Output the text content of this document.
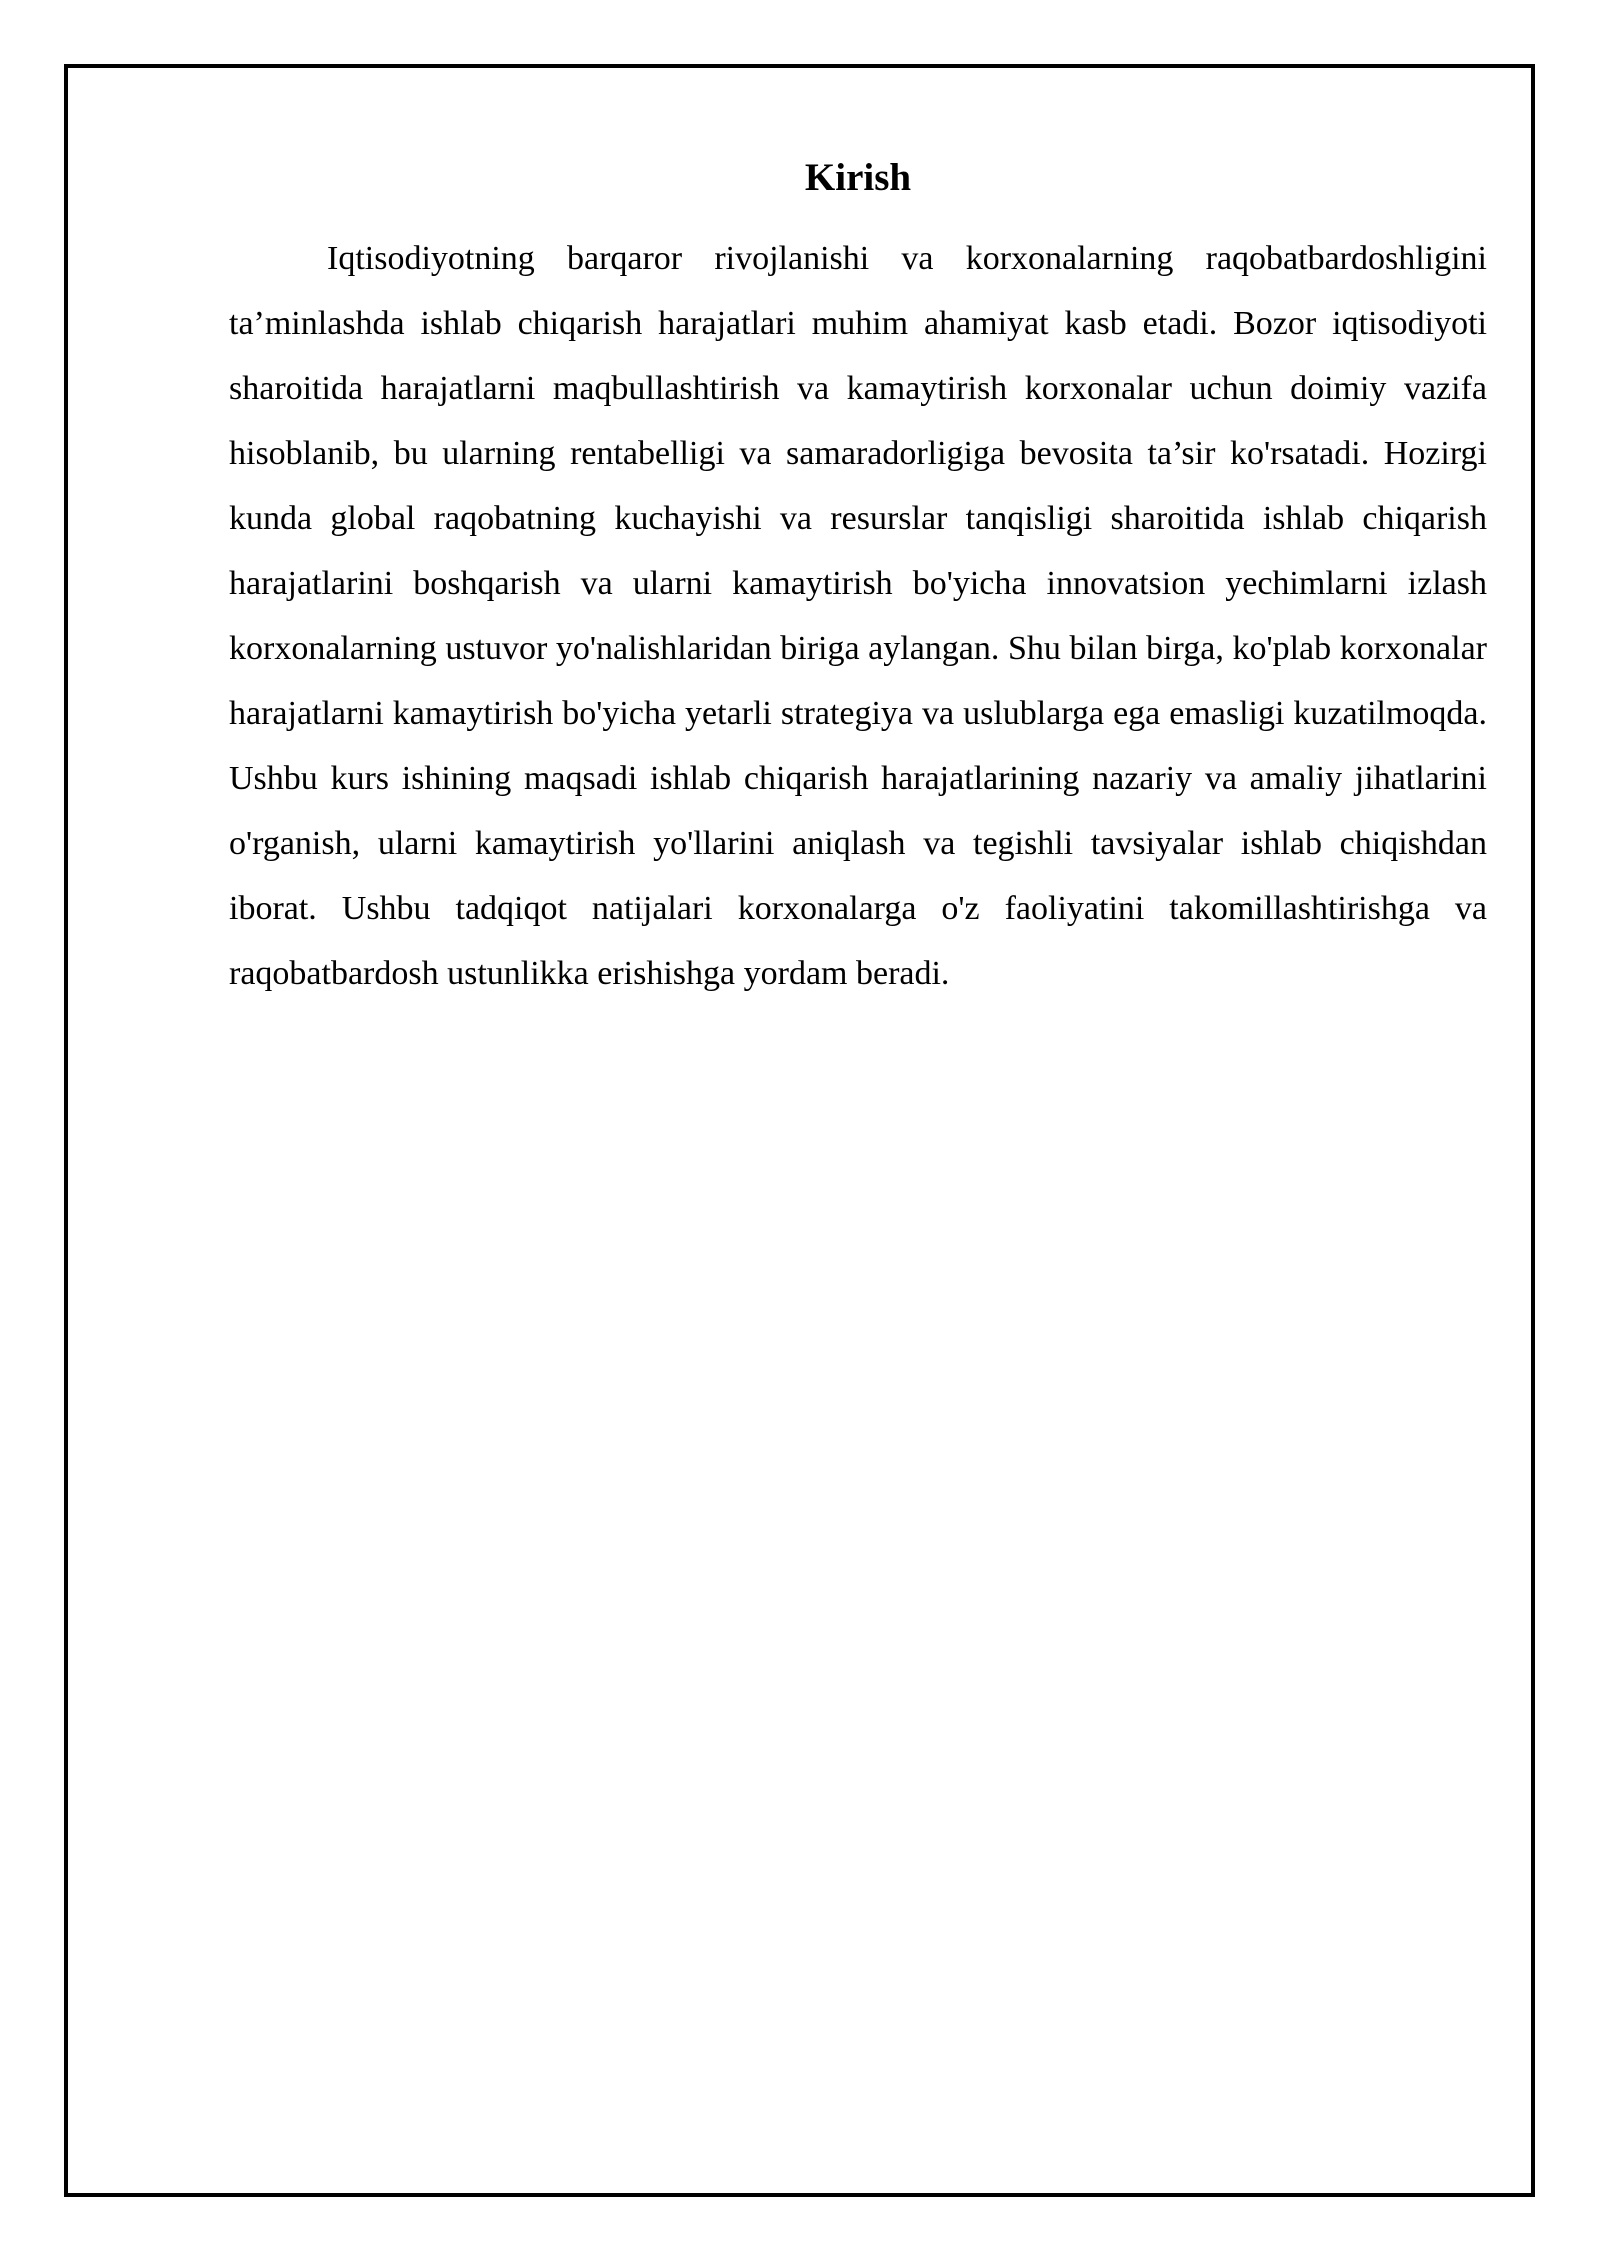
Kirish

Iqtisodiyotning barqaror rivojlanishi va korxonalarning raqobatbardoshligini ta’minlashda ishlab chiqarish harajatlari muhim ahamiyat kasb etadi. Bozor iqtisodiyoti sharoitida harajatlarni maqbullashtirish va kamaytirish korxonalar uchun doimiy vazifa hisoblanib, bu ularning rentabelligi va samaradorligiga bevosita ta’sir ko'rsatadi. Hozirgi kunda global raqobatning kuchayishi va resurslar tanqisligi sharoitida ishlab chiqarish harajatlarini boshqarish va ularni kamaytirish bo'yicha innovatsion yechimlarni izlash korxonalarning ustuvor yo'nalishlaridan biriga aylangan. Shu bilan birga, ko'plab korxonalar harajatlarni kamaytirish bo'yicha yetarli strategiya va uslublarga ega emasligi kuzatilmoqda. Ushbu kurs ishining maqsadi ishlab chiqarish harajatlarining nazariy va amaliy jihatlarini o'rganish, ularni kamaytirish yo'llarini aniqlash va tegishli tavsiyalar ishlab chiqishdan iborat. Ushbu tadqiqot natijalari korxonalarga o'z faoliyatini takomillashtirishga va raqobatbardosh ustunlikka erishishga yordam beradi.
